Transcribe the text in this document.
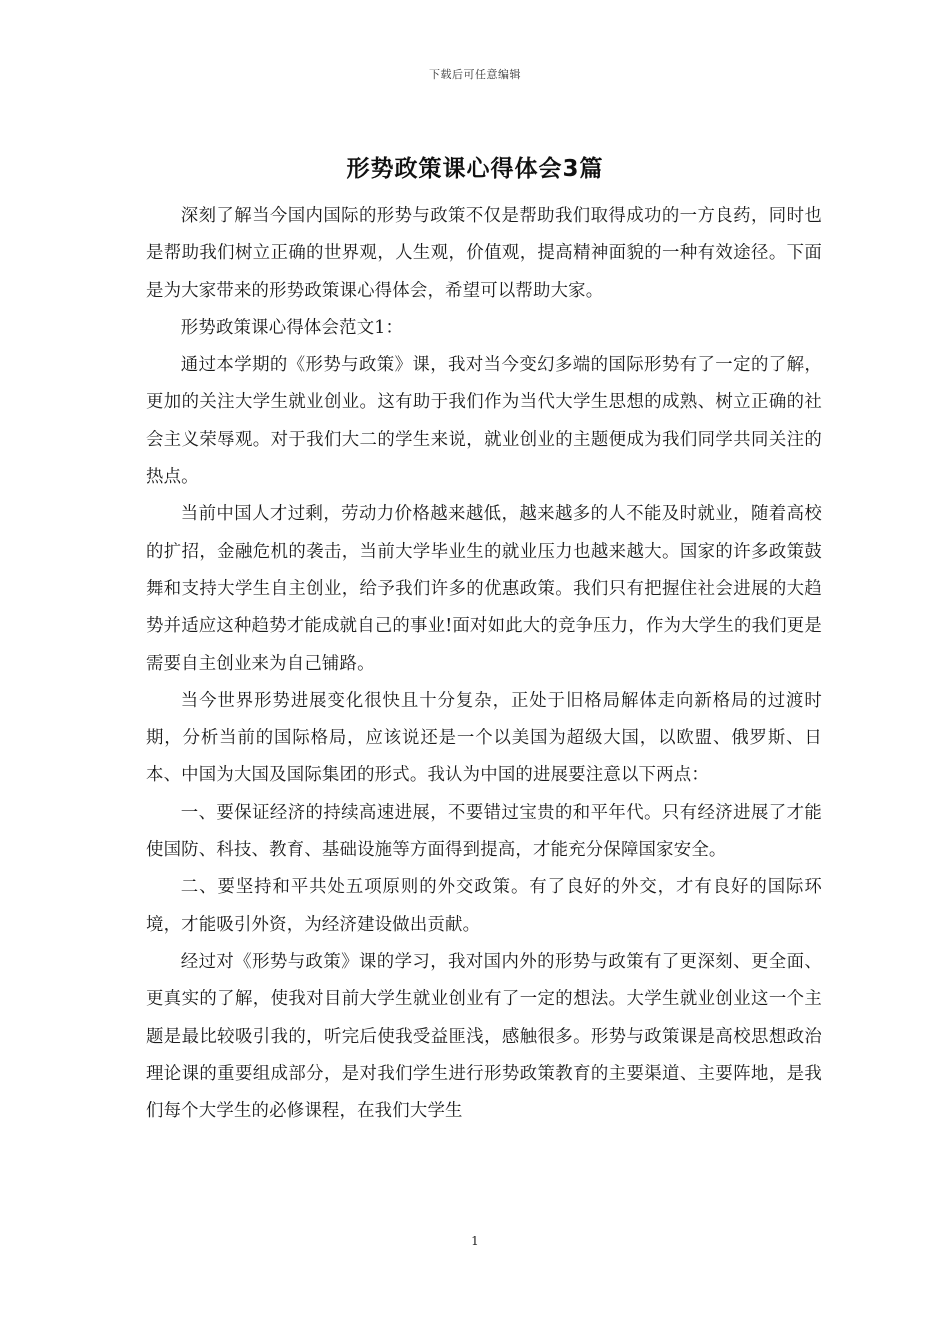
下载后可任意编辑
形势政策课心得体会3篇

深刻了解当今国内国际的形势与政策不仅是帮助我们取得成功的一方良药，同时也是帮助我们树立正确的世界观，人生观，价值观，提高精神面貌的一种有效途径。下面是为大家带来的形势政策课心得体会，希望可以帮助大家。

形势政策课心得体会范文1：

通过本学期的《形势与政策》课，我对当今变幻多端的国际形势有了一定的了解，更加的关注大学生就业创业。这有助于我们作为当代大学生思想的成熟、树立正确的社会主义荣辱观。对于我们大二的学生来说，就业创业的主题便成为我们同学共同关注的热点。

当前中国人才过剩，劳动力价格越来越低，越来越多的人不能及时就业，随着高校的扩招，金融危机的袭击，当前大学毕业生的就业压力也越来越大。国家的许多政策鼓舞和支持大学生自主创业，给予我们许多的优惠政策。我们只有把握住社会进展的大趋势并适应这种趋势才能成就自己的事业!面对如此大的竞争压力，作为大学生的我们更是需要自主创业来为自己铺路。

当今世界形势进展变化很快且十分复杂，正处于旧格局解体走向新格局的过渡时期，分析当前的国际格局，应该说还是一个以美国为超级大国，以欧盟、俄罗斯、日本、中国为大国及国际集团的形式。我认为中国的进展要注意以下两点：

一、要保证经济的持续高速进展，不要错过宝贵的和平年代。只有经济进展了才能使国防、科技、教育、基础设施等方面得到提高，才能充分保障国家安全。

二、要坚持和平共处五项原则的外交政策。有了良好的外交，才有良好的国际环境，才能吸引外资，为经济建设做出贡献。

经过对《形势与政策》课的学习，我对国内外的形势与政策有了更深刻、更全面、更真实的了解，使我对目前大学生就业创业有了一定的想法。大学生就业创业这一个主题是最比较吸引我的，听完后使我受益匪浅，感触很多。形势与政策课是高校思想政治理论课的重要组成部分，是对我们学生进行形势政策教育的主要渠道、主要阵地，是我们每个大学生的必修课程，在我们大学生

1
